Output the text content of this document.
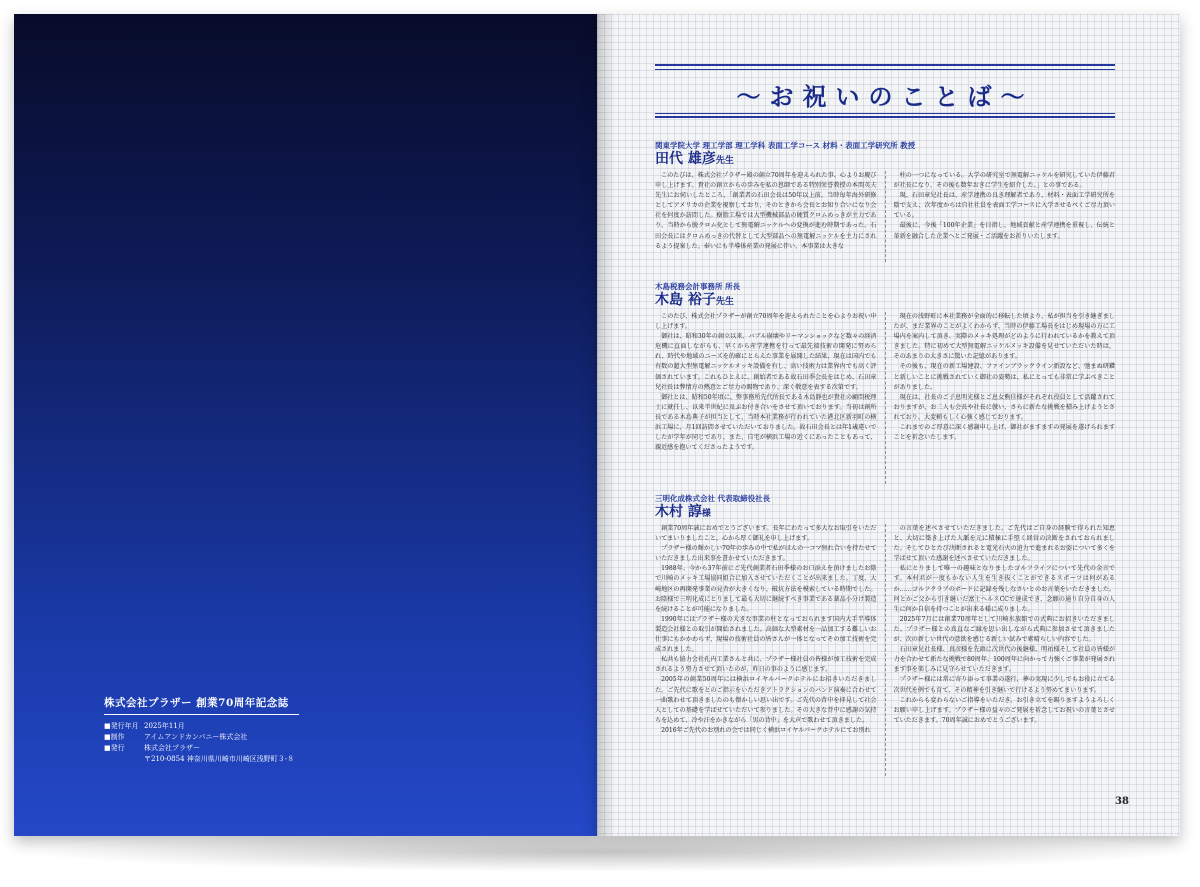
株式会社プラザー 創業70周年記念誌
■発行年月 2025年11月
■制作	アイムアンドカンパニー株式会社
■発行	株式会社プラザー
〒210-0854 神奈川県川崎市川崎区浅野町３-８
〜お祝いのことば〜
関東学院大学 理工学部 理工学科 表面工学コース 材料・表面工学研究所 教授
田代 雄彦先生

このたびは、株式会社プラザー殿の創立70周年を迎えられた事、心よりお慶び申し上げます。貴社の創立からの歩みを私の恩師である特別栄誉教授の本間英夫先生にお伺いしたところ、「創業者の石田会長は50年以上前、当時毎年海外研修としてアメリカの企業を視察しており、そのときから会長とお知り合いになり会社を何度か訪問した。樹脂工場では大型機械部品の硬質クロムめっきが主力であり、当時から脱クロム化として無電解ニッケルへの変換が進む時期であった。石田会長にはクロムめっきの代替として大型部品への無電解ニッケルを主力にされるよう提案した。奉いにも半導体産業の発展に伴い、本事業は大きな

柱の一つになっている。大学の研究室で無電解ニッケルを研究していた伊藤君が社長になり、その後も数年おきに学生を紹介した。」との事である。

現、石田章兒社長は、産学連携の良き理解者であり、材料・表面工学研究所を陰で支え、次年度からは自社社員を表面工学コースに入学させるべくご尽力頂いている。

最後に、今後「100年企業」を目指し、地域貢献と産学連携を重視し、伝統と革新を融合した企業へとご発展・ご活躍をお祈りいたします。

木島税務会計事務所 所長
木島 裕子先生

このたび、株式会社プラザーが創立70周年を迎えられたことを心よりお祝い申し上げます。

御社は、昭和30年の創立以来、バブル崩壊やリーマンショックなど数々の経済危機に直面しながらも、早くから産学連携を行って最先端技術の開発に努められ、時代や地域のニーズを的確にとらえた事業を展開した結果、現在は国内でも有数の超大型無電解ニッケルメッキ設備を有し、高い技術力は業界内でも高く評価されています。これもひとえに、創始者である故石田季会長をはじめ、石田章兒社長は弊情方の熱意とご尽力の賜物であり、深く敬意を表する次第です。

御社とは、昭和50年頃に、弊事務所先代所長である木島静也が貴社の顧問税理士に就任し、以来半世紀に及ぶお付き合いをさせて頂いております。当初は創所長である木島典子が担当として、当時本社業務が行われていた港北区新羽町の横浜工場に、月1回訪問させていただいておりました。故石田会長とは年1歳違いでしたが学年が同じであり、また、自宅が横浜工場の近くにあったこともあって、親近感を抱いてくださったようです。

現在の浅野町に本社業務が全面的に移転した頃より、私が担当を引き継ぎましたが、まだ業界のことがよくわからず、当時の伊藤工場長をはじめ現場の方に工場内を案内して頂き、実際のメッキ処理がどのように行われているかを教えて頂きました。特に初めて大型無電解ニッケルメッキ設備を見せていただいた時は、そのあまりの大きさに驚いた記憶があります。

その後も、現在の新工場建設、ファインブラックライン新設など、弛まぬ研鑽と新しいことに挑戦されていく御社の姿勢は、私にとっても非常に学ぶべきことがありました。

現在は、社長のご子息明光様とご息女熊佳様がそれぞれ役員として活躍されておりますが、お二人も会長や社長に倣い、さらに新たな挑戦を積み上げようとされており、大変頼もしく心強く感じております。

これまでのご厚意に深く感謝申し上げ、御社がますますの発展を遂げられますことを祈念いたします。

三明化成株式会社 代表取締役社長
木村 諄様

創業70周年誠におめでとうございます。長年にわたって多大なお取引をいただいてまいりましたこと、心から厚く御礼を申し上げます。

プラザー様の輝かしい70年の歩みの中で私がほんの一コマ無れ合いを持たせていただきました出来事を書かせていただきます。

1988年、今から37年前にご先代創業者石田季様のお口添えを頂けましたお陰で川崎のメッキ工場協同組合に加入させていただくことが出来ました。丁度、大崎地区の再開発事業の見舎が大きくなり、破坑方法を模索している時期でした。お陰様で三明化成にとりまして最も大切に継続すべき事業である薬品小分け製造を続けることが可能になりました。

1990年にはプラザー様の大きな事業の柱となっておられます国内大手半導体製造会社様との取引が開始されました。高価な大型素材を一品加工する難しいお仕事にもかかわらず、現場の技術社員の皆さんが一体となってその加工技術を完成されました。

私共も協力会社孔内工業さんと共に、プラザー様社員の皆様が加工技術を完成されるよう努力させて頂いたのが、昨日の事のように感じます。

2005年の創業50周年には横浜ロイヤルパークホテルにお招きいただきました。ご先代に歌をとのご指示をいただきアトラクションのバンド演奏に合わせて一曲歌わせて頂きましたのも懐かしい思い出です。ご先代の背中を拝見して社会人としての基礎を学ばせていただいて参りました。その大きな背中に感謝の気持ちを込めて、冷や汗をかきながら「男の背中」を大声で歌わせて頂きました。

2016年ご先代のお別れの会では同じく横浜ロイヤルパークホテルにてお別れ

の言葉を述べさせていただきました。ご先代はご自身の経験で得られた知恵と、大切に築き上げた人脈を元に積極に手堅く経営の決断をされておられました。そしてひとたび決断されると電光石火の迫力で進まれるお姿について多くを学ばせて頂いた感謝を述べさせていただきました。

私にとりまして唯一の趣味となりましたゴルフライフについて先代の金言です。本村君が一度もかない人生を生き抜くことができるスポーツは何があるか……ゴルフクラブのボードに記録を残しなさいとのお言葉をいただきました。何とかご父から引き継いだ富士ヘルスCCで達成でき、念願の通り自分自身の人生に何か自信を持つことが出来る様に成りました。

2025年7月には創業70周年として川崎水族館での式典にお招きいただきました。プラザー様との真直なご縁を思い出しながら式典に参加させて頂きましたが、次の新しい世代の意欲を感じる新しい試みで素晴らしい内容でした。

石田章兒社長様、真彦様を先頭に次世代の後継様、明祐様そして社員の皆様が力を合わせて新たな挑戦で80周年、100周年に向かって力強くご事業が発展されます事を楽しみに見守らせていただきます。

プラザー様には常に寄り添って事業の遂行、夢の実現に少しでもお役に立てる次世代を例でも育て、その精神を引き継いで行けるよう努めてまいります。

これからも変わらないご指導をいただき、お引き立てを賜りますようよろしくお願い申し上げます。プラザー様の益々のご発展を祈念してお祝いの言葉とさせていただきます。70周年誠におめでとうございます。

38
